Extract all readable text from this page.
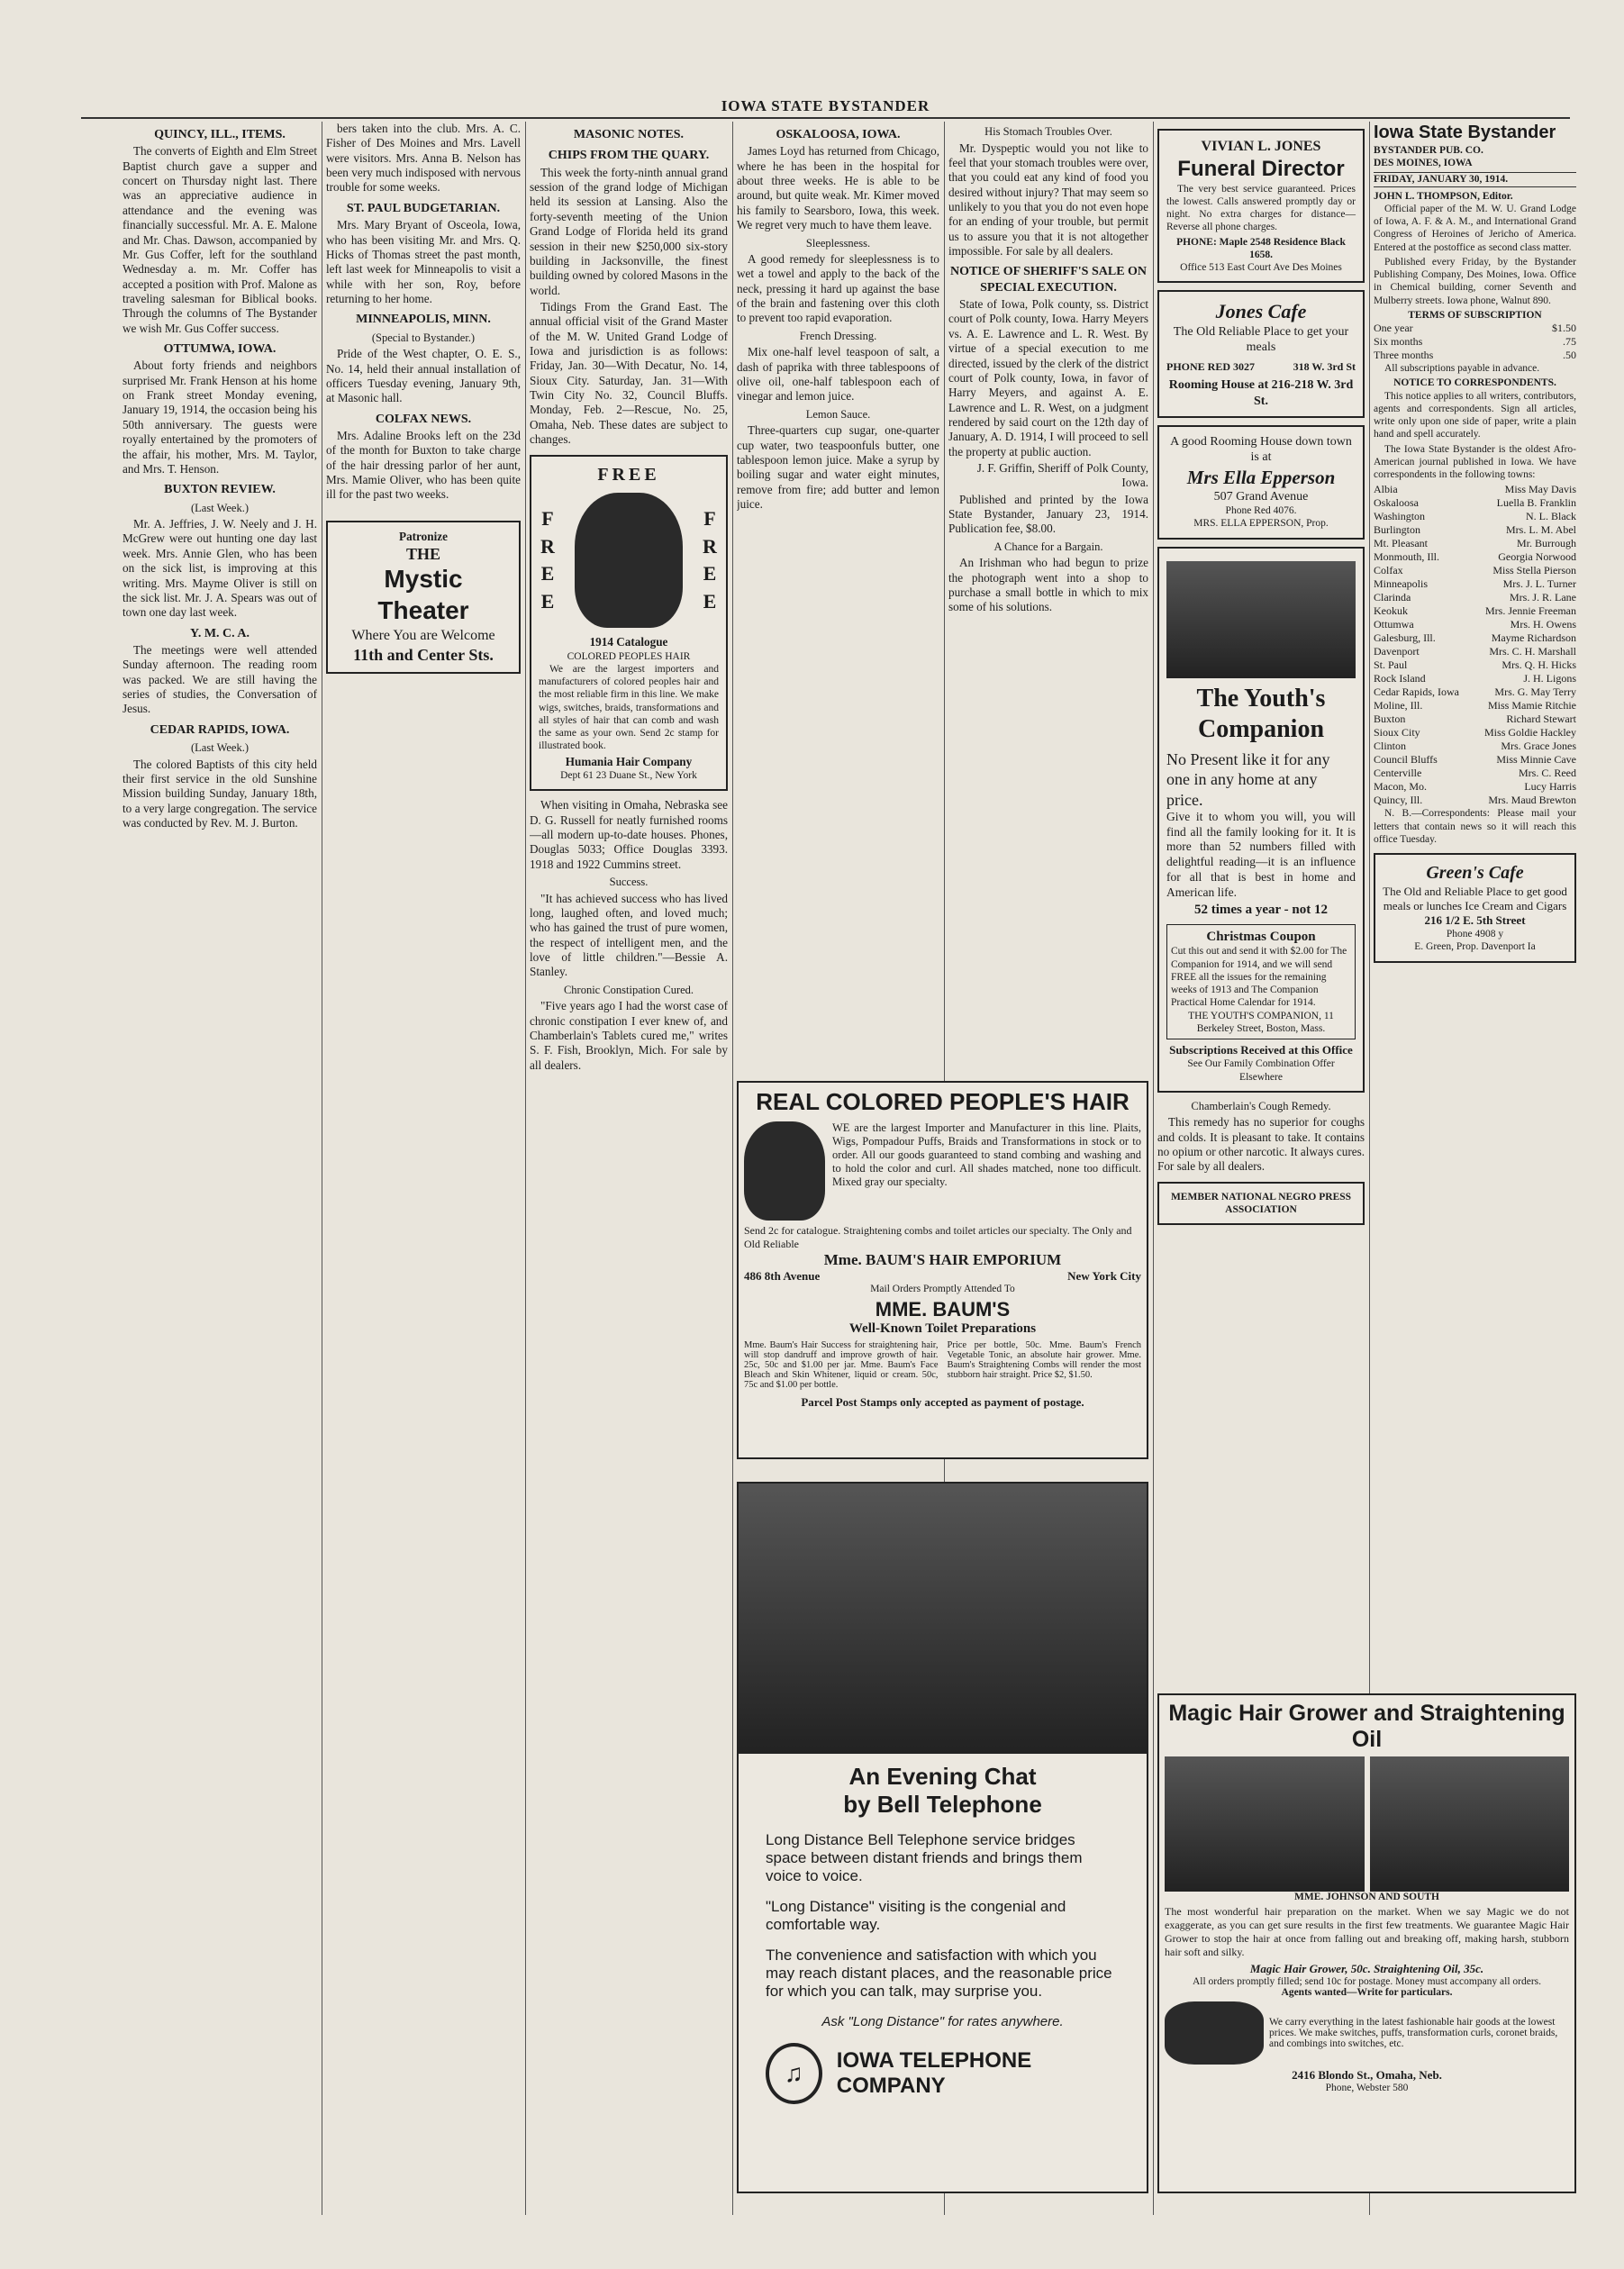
IOWA STATE BYSTANDER
QUINCY, ILL., ITEMS.

The converts of Eighth and Elm Street Baptist church gave a supper and concert on Thursday night last. There was an appreciative audience in attendance and the evening was financially successful. Mr. A. E. Malone and Mr. Chas. Dawson, accompanied by Mr. Gus Coffer, left for the southland Wednesday a. m. Mr. Coffer has accepted a position with Prof. Malone as traveling salesman for Biblical books. Through the columns of The Bystander we wish Mr. Gus Coffer success.

OTTUMWA, IOWA.

About forty friends and neighbors surprised Mr. Frank Henson at his home on Frank street Monday evening, January 19, 1914, the occasion being his 50th anniversary. The guests were royally entertained by the promoters of the affair, his mother, Mrs. M. Taylor, and Mrs. T. Henson.

BUXTON REVIEW.
(Last Week.)

Mr. A. Jeffries, J. W. Neely and J. H. McGrew were out hunting one day last week. Mrs. Annie Glen, who has been on the sick list, is improving at this writing. Mrs. Mayme Oliver is still on the sick list. Mr. J. A. Spears was out of town one day last week.

Y. M. C. A.

The meetings were well attended Sunday afternoon. The reading room was packed. We are still having the series of studies, the Conversation of Jesus.

CEDAR RAPIDS, IOWA.
(Last Week.)

The colored Baptists of this city held their first service in the old Sunshine Mission building Sunday, January 18th, to a very large congregation. The service was conducted by Rev. M. J. Burton.

bers taken into the club. Mrs. A. C. Fisher of Des Moines and Mrs. Lavell were visitors. Mrs. Anna B. Nelson has been very much indisposed with nervous trouble for some weeks.

ST. PAUL BUDGETARIAN.

Mrs. Mary Bryant of Osceola, Iowa, who has been visiting Mr. and Mrs. Q. Hicks of Thomas street the past month, left last week for Minneapolis to visit a while with her son, Roy, before returning to her home.

MINNEAPOLIS, MINN.
(Special to Bystander.)

Pride of the West chapter, O. E. S., No. 14, held their annual installation of officers Tuesday evening, January 9th, at Masonic hall.

COLFAX NEWS.

Mrs. Adaline Brooks left on the 23d of the month for Buxton to take charge of the hair dressing parlor of her aunt, Mrs. Mamie Oliver, who has been quite ill for the past two weeks.

Patronize
THE
Mystic Theater
Where You are Welcome
11th and Center Sts.
MASONIC NOTES.
CHIPS FROM THE QUARY.

This week the forty-ninth annual grand session of the grand lodge of Michigan held its session at Lansing. Also the forty-seventh meeting of the Union Grand Lodge of Florida held its grand session in their new $250,000 six-story building in Jacksonville, the finest building owned by colored Masons in the world.

Tidings From the Grand East. The annual official visit of the Grand Master of the M. W. United Grand Lodge of Iowa and jurisdiction is as follows: Friday, Jan. 30—With Decatur, No. 14, Sioux City. Saturday, Jan. 31—With Twin City No. 32, Council Bluffs. Monday, Feb. 2—Rescue, No. 25, Omaha, Neb. These dates are subject to changes.

FREE
FREE
FREE
1914 Catalogue
COLORED PEOPLES HAIR

We are the largest importers and manufacturers of colored peoples hair and the most reliable firm in this line. We make wigs, switches, braids, transformations and all styles of hair that can comb and wash the same as your own. Send 2c stamp for illustrated book.

Humania Hair Company
Dept 61 23 Duane St., New York

When visiting in Omaha, Nebraska see D. G. Russell for neatly furnished rooms—all modern up-to-date houses. Phones, Douglas 5033; Office Douglas 3393. 1918 and 1922 Cummins street.

Success.

"It has achieved success who has lived long, laughed often, and loved much; who has gained the trust of pure women, the respect of intelligent men, and the love of little children."—Bessie A. Stanley.

Chronic Constipation Cured.

"Five years ago I had the worst case of chronic constipation I ever knew of, and Chamberlain's Tablets cured me," writes S. F. Fish, Brooklyn, Mich. For sale by all dealers.

OSKALOOSA, IOWA.

James Loyd has returned from Chicago, where he has been in the hospital for about three weeks. He is able to be around, but quite weak. Mr. Kimer moved his family to Searsboro, Iowa, this week. We regret very much to have them leave.

Sleeplessness.

A good remedy for sleeplessness is to wet a towel and apply to the back of the neck, pressing it hard up against the base of the brain and fastening over this cloth to prevent too rapid evaporation.

French Dressing.

Mix one-half level teaspoon of salt, a dash of paprika with three tablespoons of olive oil, one-half tablespoon each of vinegar and lemon juice.

Lemon Sauce.

Three-quarters cup sugar, one-quarter cup water, two teaspoonfuls butter, one tablespoon lemon juice. Make a syrup by boiling sugar and water eight minutes, remove from fire; add butter and lemon juice.

His Stomach Troubles Over.

Mr. Dyspeptic would you not like to feel that your stomach troubles were over, that you could eat any kind of food you desired without injury? That may seem so unlikely to you that you do not even hope for an ending of your trouble, but permit us to assure you that it is not altogether impossible. For sale by all dealers.

NOTICE OF SHERIFF'S SALE ON SPECIAL EXECUTION.

State of Iowa, Polk county, ss. District court of Polk county, Iowa. Harry Meyers vs. A. E. Lawrence and L. R. West. By virtue of a special execution to me directed, issued by the clerk of the district court of Polk county, Iowa, in favor of Harry Meyers, and against A. E. Lawrence and L. R. West, on a judgment rendered by said court on the 12th day of January, A. D. 1914, I will proceed to sell the property at public auction.

J. F. Griffin, Sheriff of Polk County, Iowa.

Published and printed by the Iowa State Bystander, January 23, 1914. Publication fee, $8.00.

A Chance for a Bargain.

An Irishman who had begun to prize the photograph went into a shop to purchase a small bottle in which to mix some of his solutions.

REAL COLORED PEOPLE'S HAIR
WE are the largest Importer and Manufacturer in this line. Plaits, Wigs, Pompadour Puffs, Braids and Transformations in stock or to order. All our goods guaranteed to stand combing and washing and to hold the color and curl. All shades matched, none too difficult. Mixed gray our specialty.
Send 2c for catalogue. Straightening combs and toilet articles our specialty. The Only and Old Reliable
Mme. BAUM'S HAIR EMPORIUM
486 8th Avenue	New York City
Mail Orders Promptly Attended To
MME. BAUM'S
Well-Known Toilet Preparations
Mme. Baum's Hair Success for straightening hair, will stop dandruff and improve growth of hair. 25c, 50c and $1.00 per jar. Mme. Baum's Face Bleach and Skin Whitener, liquid or cream. 50c, 75c and $1.00 per bottle.
Price per bottle, 50c. Mme. Baum's French Vegetable Tonic, an absolute hair grower. Mme. Baum's Straightening Combs will render the most stubborn hair straight. Price $2, $1.50.
Parcel Post Stamps only accepted as payment of postage.
An Evening Chat
by Bell Telephone

Long Distance Bell Telephone service bridges space between distant friends and brings them voice to voice.

"Long Distance" visiting is the congenial and comfortable way.

The convenience and satisfaction with which you may reach distant places, and the reasonable price for which you can talk, may surprise you.

Ask "Long Distance" for rates anywhere.

♫	IOWA TELEPHONE COMPANY
VIVIAN L. JONES
Funeral Director

The very best service guaranteed. Prices the lowest. Calls answered promptly day or night. No extra charges for distance—Reverse all phone charges.

PHONE: Maple 2548 Residence Black 1658.
Office 513 East Court Ave Des Moines
Jones Cafe
The Old Reliable Place to get your meals
PHONE RED 3027	318 W. 3rd St
Rooming House at 216-218 W. 3rd St.
A good Rooming House down town is at
Mrs Ella Epperson
507 Grand Avenue
Phone Red 4076.
MRS. ELLA EPPERSON, Prop.
The Youth's
Companion
No Present like it for any one in any home at any price.

Give it to whom you will, you will find all the family looking for it. It is more than 52 numbers filled with delightful reading—it is an influence for all that is best in home and American life.

52 times a year - not 12
Christmas Coupon
Cut this out and send it with $2.00 for The Companion for 1914, and we will send FREE all the issues for the remaining weeks of 1913 and The Companion Practical Home Calendar for 1914.
THE YOUTH'S COMPANION, 11 Berkeley Street, Boston, Mass.
Subscriptions Received at this Office
See Our Family Combination Offer Elsewhere
Chamberlain's Cough Remedy.

This remedy has no superior for coughs and colds. It is pleasant to take. It contains no opium or other narcotic. It always cures. For sale by all dealers.

MEMBER NATIONAL NEGRO PRESS ASSOCIATION
Iowa State Bystander
BYSTANDER PUB. CO.
DES MOINES, IOWA
FRIDAY, JANUARY 30, 1914.
JOHN L. THOMPSON, Editor.

Official paper of the M. W. U. Grand Lodge of Iowa, A. F. & A. M., and International Grand Congress of Heroines of Jericho of America. Entered at the postoffice as second class matter.

Published every Friday, by the Bystander Publishing Company, Des Moines, Iowa. Office in Chemical building, corner Seventh and Mulberry streets. Iowa phone, Walnut 890.

TERMS OF SUBSCRIPTION
One year	$1.50
Six months	.75
Three months	.50

All subscriptions payable in advance.

NOTICE TO CORRESPONDENTS.

This notice applies to all writers, contributors, agents and correspondents. Sign all articles, write only upon one side of paper, write a plain hand and spell accurately.

The Iowa State Bystander is the oldest Afro-American journal published in Iowa. We have correspondents in the following towns:

Albia	Miss May Davis
Oskaloosa	Luella B. Franklin
Washington	N. L. Black
Burlington	Mrs. L. M. Abel
Mt. Pleasant	Mr. Burrough
Monmouth, Ill.	Georgia Norwood
Colfax	Miss Stella Pierson
Minneapolis	Mrs. J. L. Turner
Clarinda	Mrs. J. R. Lane
Keokuk	Mrs. Jennie Freeman
Ottumwa	Mrs. H. Owens
Galesburg, Ill.	Mayme Richardson
Davenport	Mrs. C. H. Marshall
St. Paul	Mrs. Q. H. Hicks
Rock Island	J. H. Ligons
Cedar Rapids, Iowa	Mrs. G. May Terry
Moline, Ill.	Miss Mamie Ritchie
Buxton	Richard Stewart
Sioux City	Miss Goldie Hackley
Clinton	Mrs. Grace Jones
Council Bluffs	Miss Minnie Cave
Centerville	Mrs. C. Reed
Macon, Mo.	Lucy Harris
Quincy, Ill.	Mrs. Maud Brewton

N. B.—Correspondents: Please mail your letters that contain news so it will reach this office Tuesday.

Green's Cafe
The Old and Reliable Place to get good meals or lunches Ice Cream and Cigars
216 1/2 E. 5th Street
Phone 4908 y
E. Green, Prop. Davenport Ia
Magic Hair Grower and Straightening Oil
MME. JOHNSON AND SOUTH

The most wonderful hair preparation on the market. When we say Magic we do not exaggerate, as you can get sure results in the first few treatments. We guarantee Magic Hair Grower to stop the hair at once from falling out and breaking off, making harsh, stubborn hair soft and silky.

Magic Hair Grower, 50c. Straightening Oil, 35c.
All orders promptly filled; send 10c for postage. Money must accompany all orders.
Agents wanted—Write for particulars.
We carry everything in the latest fashionable hair goods at the lowest prices. We make switches, puffs, transformation curls, coronet braids, and combings into switches, etc.
2416 Blondo St., Omaha, Neb.
Phone, Webster 580
